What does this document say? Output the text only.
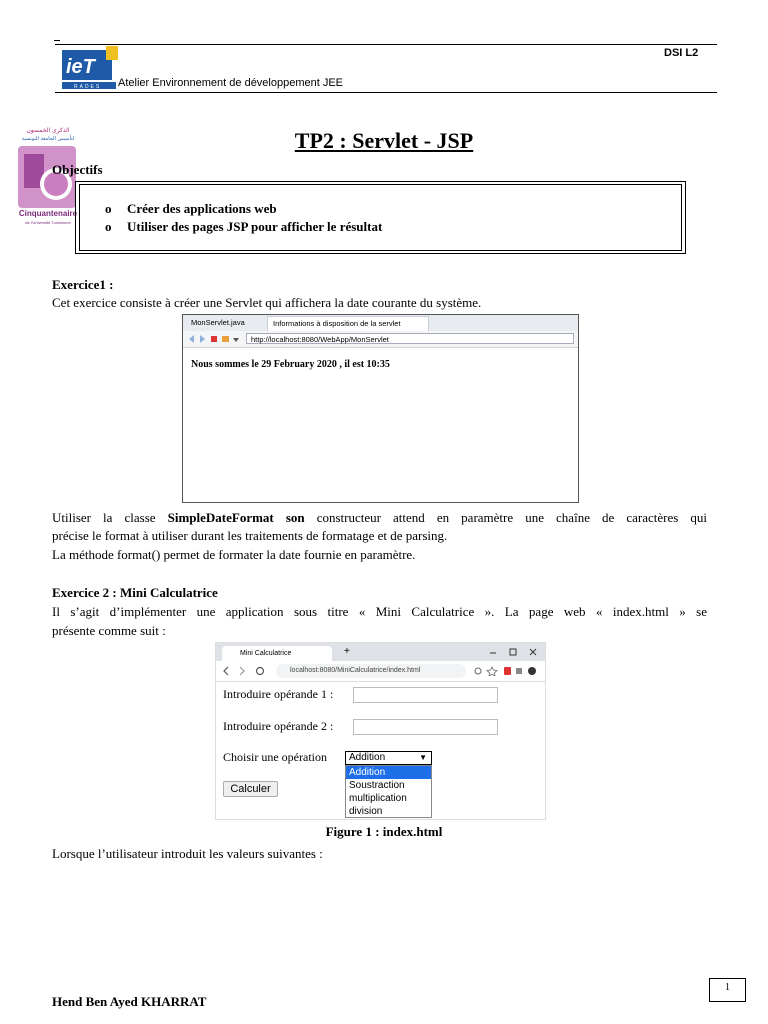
ieT
RADES Atelier Environnement de développement JEE
DSI L2
الذكرى الخمسون
لتأسيس الجامعة التونسية
Cinquantenaire
de l'Université Tunisienne
TP2 : Servlet - JSP
Objectifs
o Créer des applications web
o Utiliser des pages JSP pour afficher le résultat
Exercice1 :
Cet exercice consiste à créer une Servlet qui affichera la date courante du système.
MonServlet.java	Informations à disposition de la servlet
http://localhost:8080/WebApp/MonServlet
Nous sommes le 29 February 2020 , il est 10:35
Utiliser la classe SimpleDateFormat son constructeur attend en paramètre une chaîne de caractères qui
précise le format à utiliser durant les traitements de formatage et de parsing.
La méthode format() permet de formater la date fournie en paramètre.
Exercice 2 : Mini Calculatrice
Il s’agit d’implémenter une application sous titre « Mini Calculatrice ». La page web « index.html » se
présente comme suit :
Mini Calculatrice	+
localhost:8080/MiniCalculatrice/index.html
Introduire opérande 1 :
Introduire opérande 2 :
Choisir une opération	Addition	▼
Addition
Soustraction
multiplication
division
Calculer
Figure 1 : index.html
Lorsque l’utilisateur introduit les valeurs suivantes :
Hend Ben Ayed KHARRAT
1
